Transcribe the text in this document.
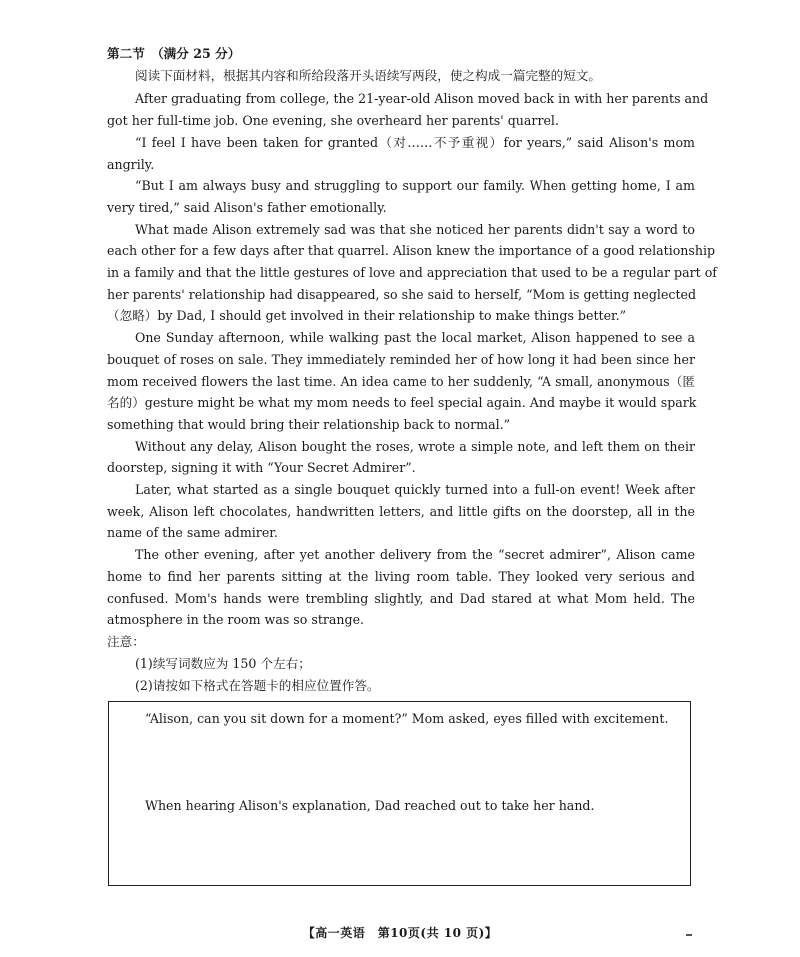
第二节　（满分 25 分）
阅读下面材料，根据其内容和所给段落开头语续写两段，使之构成一篇完整的短文。
After graduating from college, the 21-year-old Alison moved back in with her parents and
got her full-time job. One evening, she overheard her parents' quarrel.
“I feel I have been taken for granted（对……不予重视）for years,” said Alison's mom
angrily.
“But I am always busy and struggling to support our family. When getting home, I am
very tired,” said Alison's father emotionally.
What made Alison extremely sad was that she noticed her parents didn't say a word to
each other for a few days after that quarrel. Alison knew the importance of a good relationship
in a family and that the little gestures of love and appreciation that used to be a regular part of
her parents' relationship had disappeared, so she said to herself, “Mom is getting neglected
（忽略）by Dad, I should get involved in their relationship to make things better.”
One Sunday afternoon, while walking past the local market, Alison happened to see a
bouquet of roses on sale. They immediately reminded her of how long it had been since her
mom received flowers the last time. An idea came to her suddenly, “A small, anonymous（匿
名的）gesture might be what my mom needs to feel special again. And maybe it would spark
something that would bring their relationship back to normal.”
Without any delay, Alison bought the roses, wrote a simple note, and left them on their
doorstep, signing it with “Your Secret Admirer”.
Later, what started as a single bouquet quickly turned into a full-on event! Week after
week, Alison left chocolates, handwritten letters, and little gifts on the doorstep, all in the
name of the same admirer.
The other evening, after yet another delivery from the “secret admirer”, Alison came
home to find her parents sitting at the living room table. They looked very serious and
confused. Mom's hands were trembling slightly, and Dad stared at what Mom held. The
atmosphere in the room was so strange.
注意：
(1)续写词数应为 150 个左右；
(2)请按如下格式在答题卡的相应位置作答。
“Alison, can you sit down for a moment?” Mom asked, eyes filled with excitement.
When hearing Alison's explanation, Dad reached out to take her hand.
【高一英语　第10页(共 10 页)】
